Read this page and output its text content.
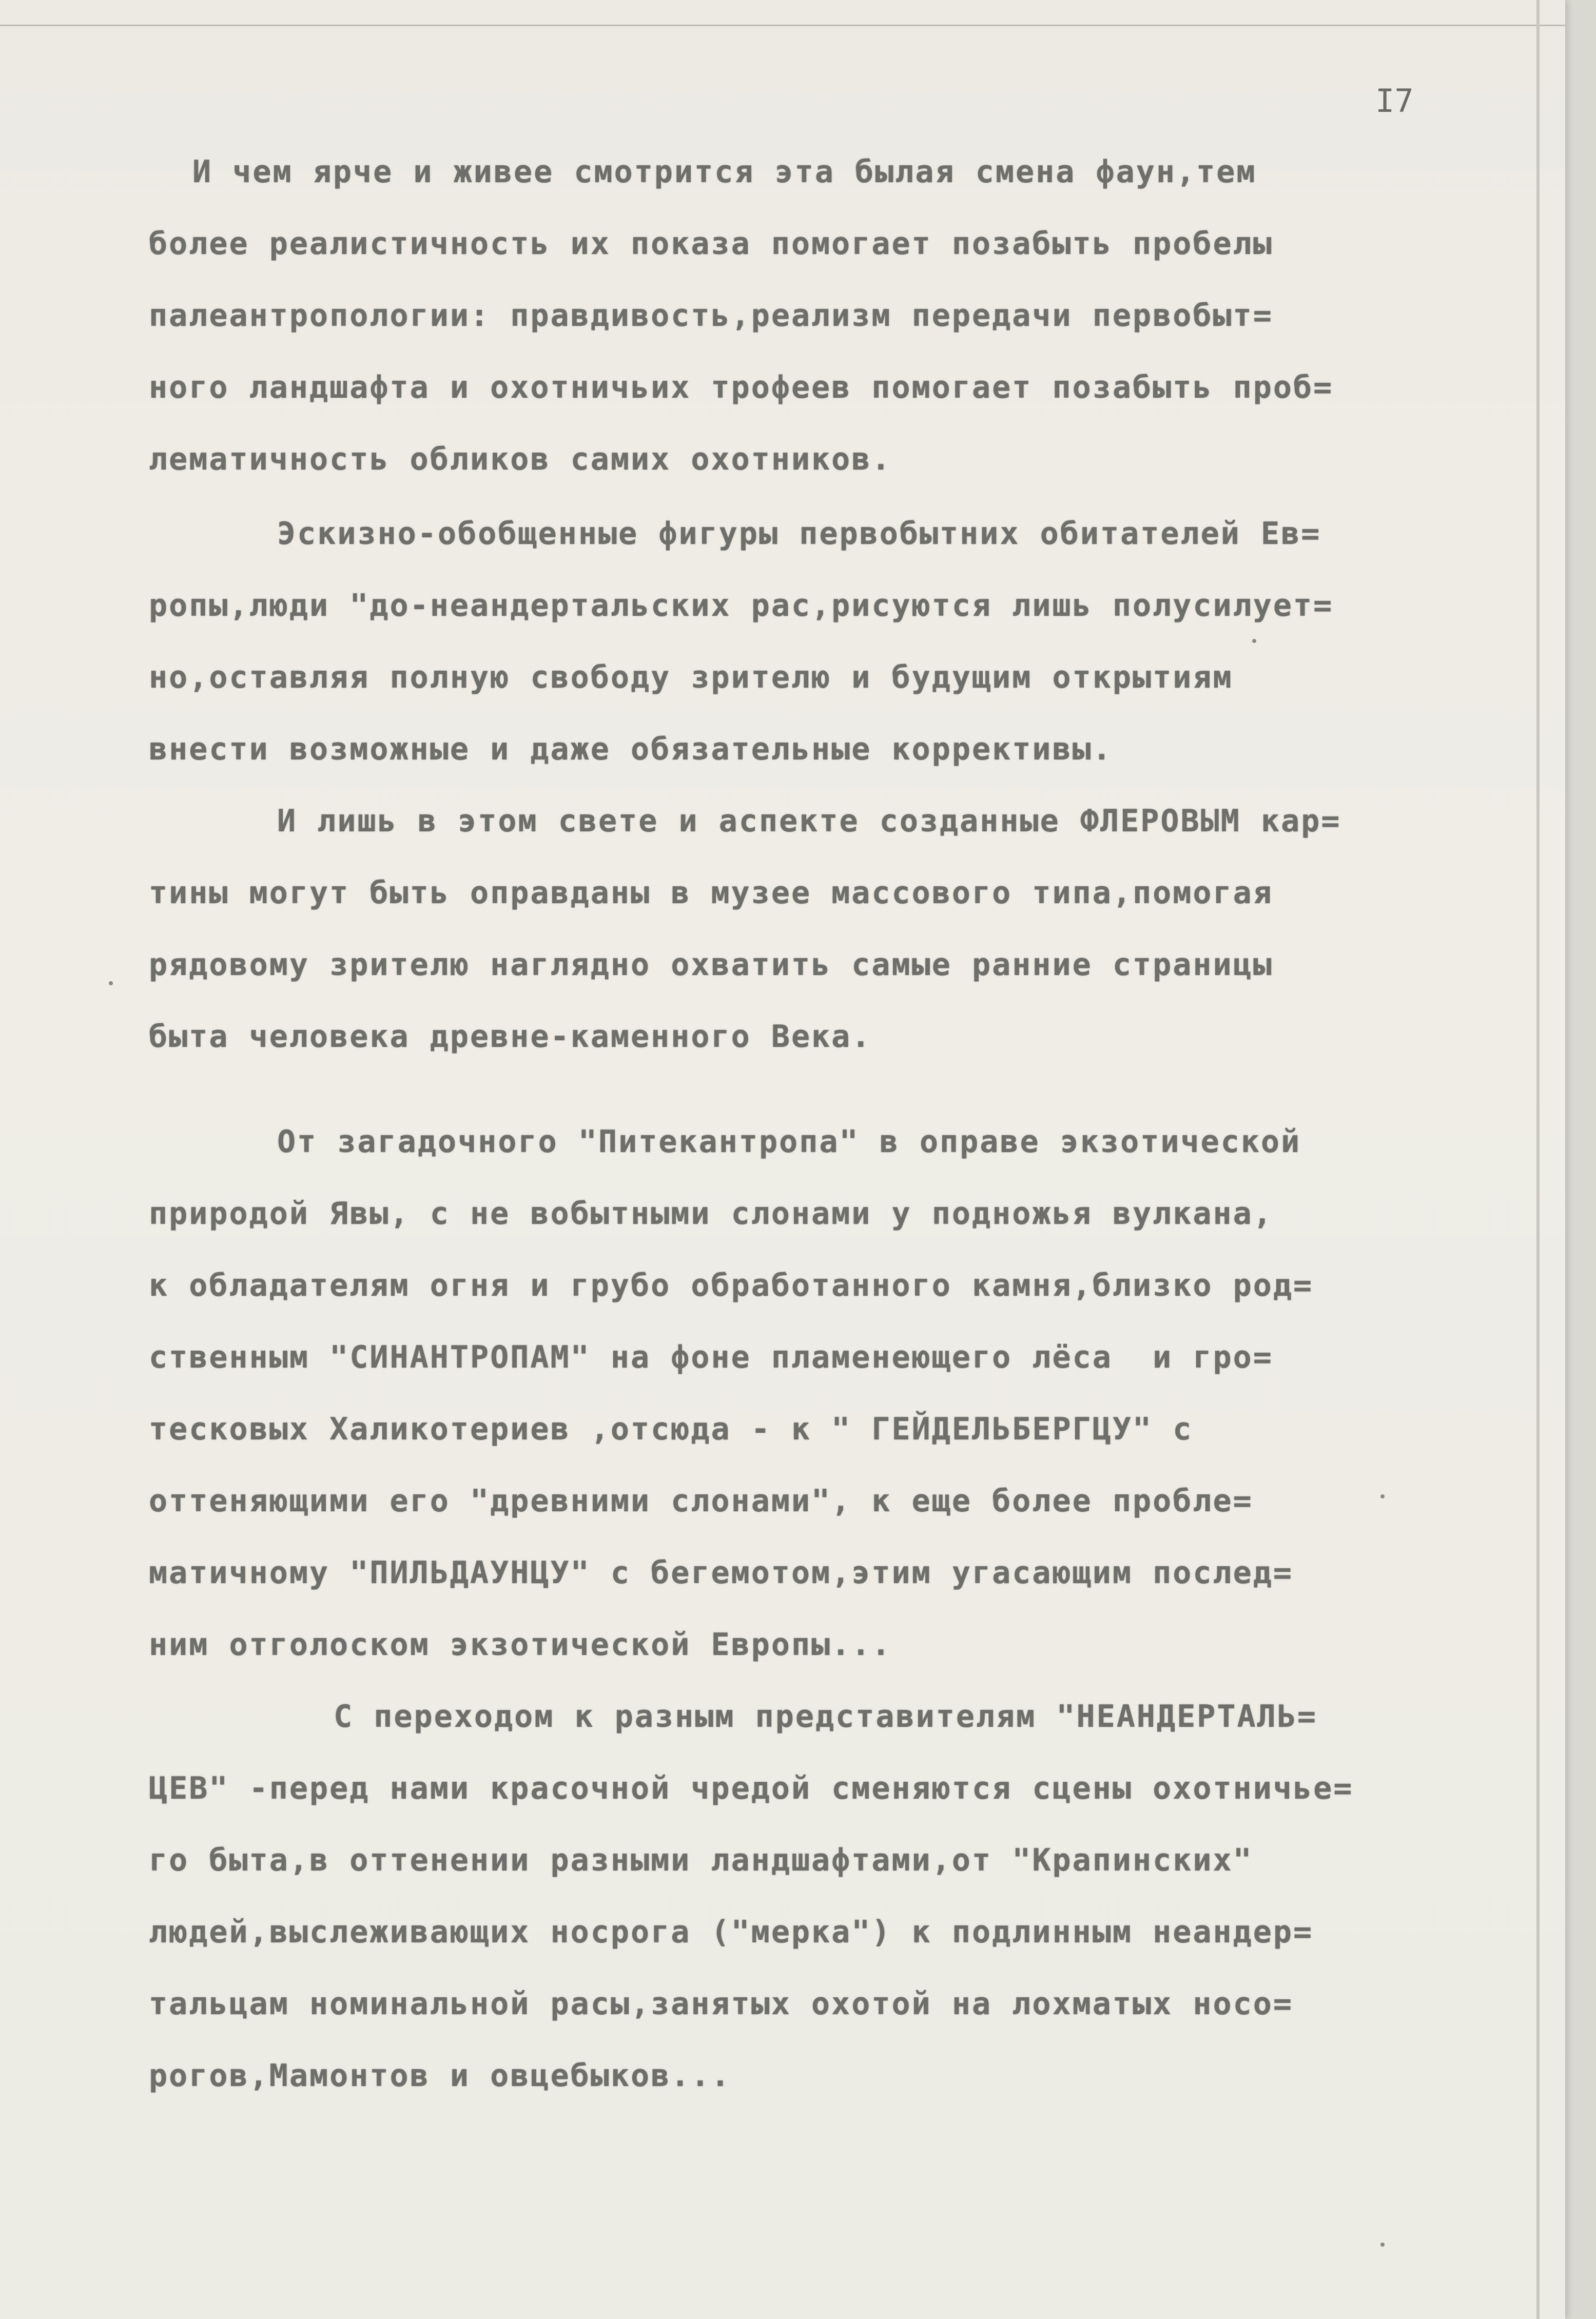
I7
И чем ярче и живее смотрится эта былая смена фаун,тем
более реалистичность их показа помогает позабыть пробелы
палеантропологии: правдивость,реализм передачи первобыт=
ного ландшафта и охотничьих трофеев помогает позабыть проб=
лематичность обликов самих охотников.
Эскизно-обобщенные фигуры первобытних обитателей Ев=
ропы,люди "до-неандертальских рас,рисуются лишь полусилует=
но,оставляя полную свободу зрителю и будущим открытиям
внести возможные и даже обязательные коррективы.
И лишь в этом свете и аспекте созданные ФЛЕРОВЫМ кар=
тины могут быть оправданы в музее массового типа,помогая
рядовому зрителю наглядно охватить самые ранние страницы
быта человека древне-каменного Века.
От загадочного "Питекантропа" в оправе экзотической
природой Явы, с не вобытными слонами у подножья вулкана,
к обладателям огня и грубо обработанного камня,близко род=
ственным "СИНАНТРОПАМ" на фоне пламенеющего лёса  и гро=
тесковых Халикотериев ,отсюда - к " ГЕЙДЕЛЬБЕРГЦУ" с
оттеняющими его "древними слонами", к еще более пробле=
матичному "ПИЛЬДАУНЦУ" с бегемотом,этим угасающим послед=
ним отголоском экзотической Европы...
С переходом к разным представителям "НЕАНДЕРТАЛЬ=
ЦЕВ" -перед нами красочной чредой сменяются сцены охотничье=
го быта,в оттенении разными ландшафтами,от "Крапинских"
людей,выслеживающих носрога ("мерка") к подлинным неандер=
тальцам номинальной расы,занятых охотой на лохматых носо=
рогов,Мамонтов и овцебыков...
